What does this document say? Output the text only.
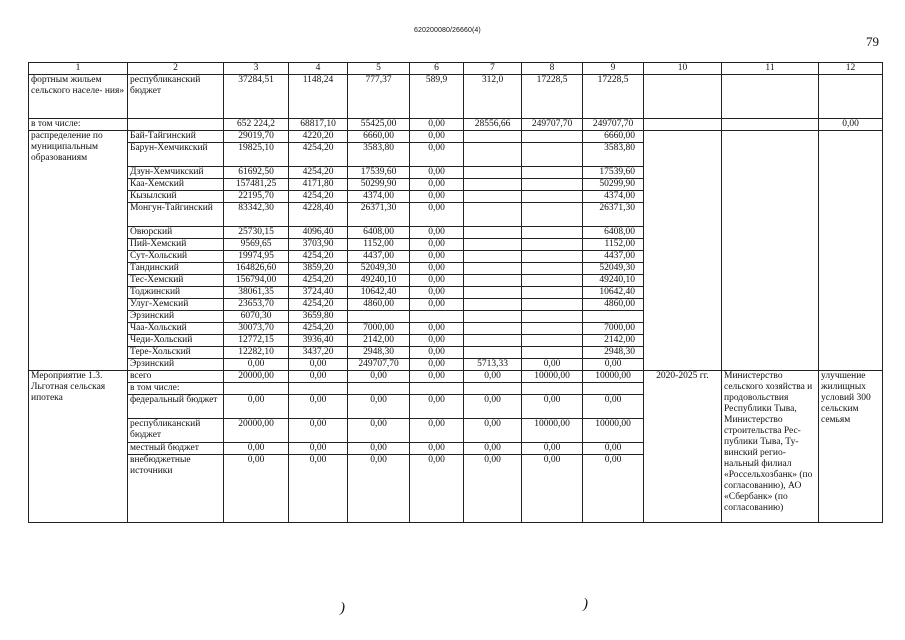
620200080/26660(4)
79
1	2	3	4	5	6	7	8	9	10	11	12
фортным жильем сельского населе- ния»	республиканский бюджет	37284,51	1148,24	777,37	589,9	312,0	17228,5	17228,5			
в том числе:		652 224,2	68817,10	55425,00	0,00	28556,66	249707,70	249707,70			0,00
распределение по муниципальным образованиям	Бай-Тайгинский	29019,70	4220,20	6660,00	0,00			6660,00			
	Барун-Хемчикский	19825,10	4254,20	3583,80	0,00			3583,80			
	Дзун-Хемчикский	61692,50	4254,20	17539,60	0,00			17539,60			
	Каа-Хемский	157481,25	4171,80	50299,90	0,00			50299,90			
	Кызылский	22195,70	4254,20	4374,00	0,00			4374,00			
	Монгун-Тайгинский	83342,30	4228,40	26371,30	0,00			26371,30			
	Овюрский	25730,15	4096,40	6408,00	0,00			6408,00			
	Пий-Хемский	9569,65	3703,90	1152,00	0,00			1152,00			
	Сут-Хольский	19974,95	4254,20	4437,00	0,00			4437,00			
	Тандинский	164826,60	3859,20	52049,30	0,00			52049,30			
	Тес-Хемский	156794,00	4254,20	49240,10	0,00			49240,10			
	Тоджинский	38061,35	3724,40	10642,40	0,00			10642,40			
	Улуг-Хемский	23653,70	4254,20	4860,00	0,00			4860,00			
	Эрзинский	6070,30	3659,80								
	Чаа-Хольский	30073,70	4254,20	7000,00	0,00			7000,00			
	Чеди-Хольский	12772,15	3936,40	2142,00	0,00			2142,00			
	Тере-Хольский	12282,10	3437,20	2948,30	0,00			2948,30			
	Эрзинский	0,00	0,00	249707,70	0,00	5713,33	0,00	0,00			
Мероприятие 1.3. Льготная сельская ипотека	всего	20000,00	0,00	0,00	0,00	0,00	10000,00	10000,00	2020-2025 гг.	Министерство сельского хозяйства и продовольствия Республики Тыва, Министерство строительства Рес- публики Тыва, Ту- винский регио- нальный филиал «Россельхозбанк» (по согласованию), АО «Сбербанк» (по согласованию)	улучшение жилищных условий 300 сельским семьям
	в том числе:										
	федеральный бюджет	0,00	0,00	0,00	0,00	0,00	0,00	0,00			
	республиканский бюджет	20000,00	0,00	0,00	0,00	0,00	10000,00	10000,00			
	местный бюджет	0,00	0,00	0,00	0,00	0,00	0,00	0,00			
	внебюджетные источники	0,00	0,00	0,00	0,00	0,00	0,00	0,00			
)	)
